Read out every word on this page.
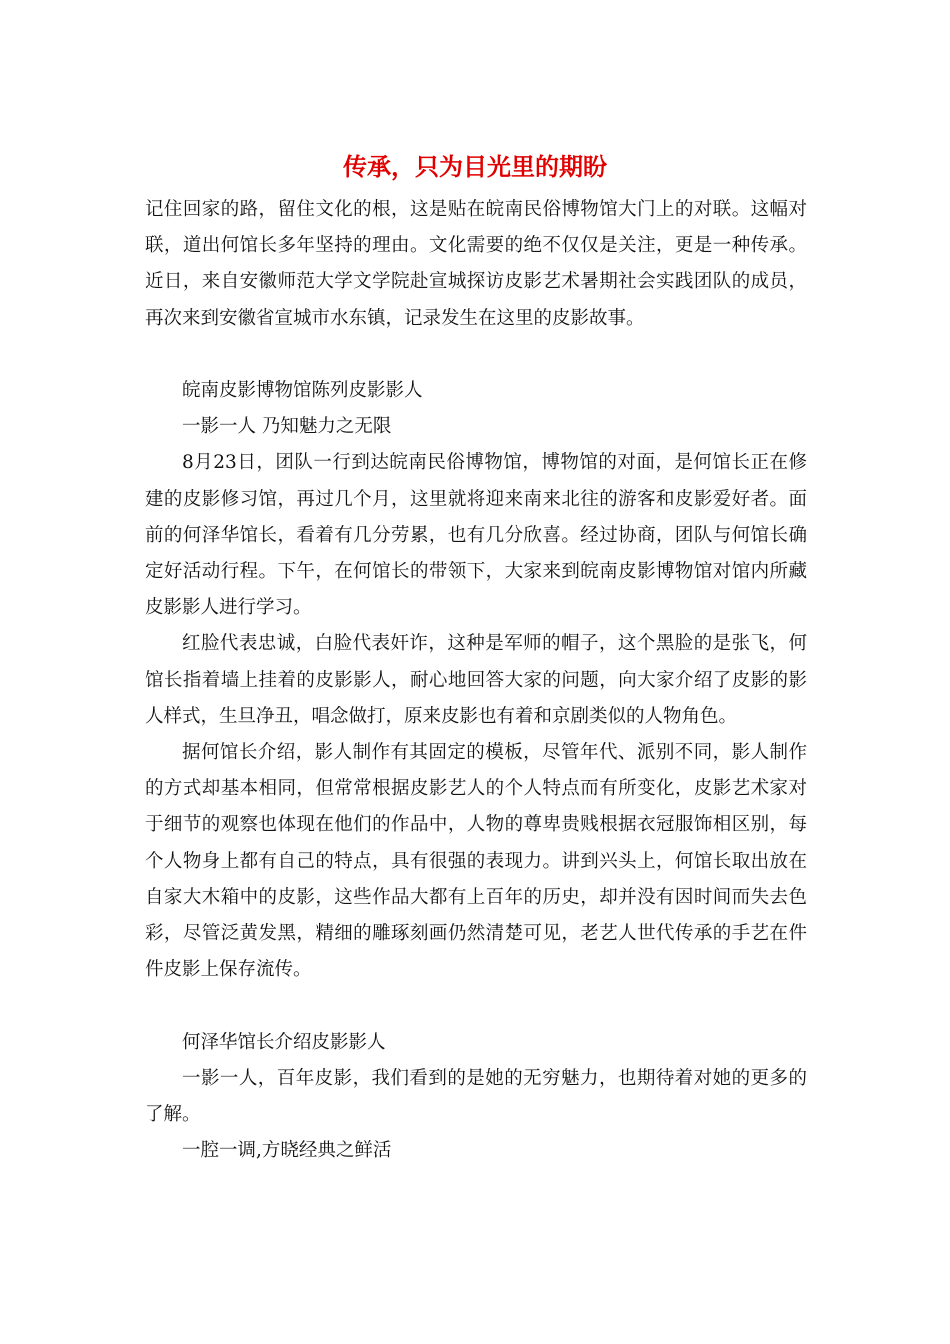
传承，只为目光里的期盼

记住回家的路，留住文化的根，这是贴在皖南民俗博物馆大门上的对联。这幅对联，道出何馆长多年坚持的理由。文化需要的绝不仅仅是关注，更是一种传承。近日，来自安徽师范大学文学院赴宣城探访皮影艺术暑期社会实践团队的成员，再次来到安徽省宣城市水东镇，记录发生在这里的皮影故事。

皖南皮影博物馆陈列皮影影人

一影一人 乃知魅力之无限

8月23日，团队一行到达皖南民俗博物馆，博物馆的对面，是何馆长正在修建的皮影修习馆，再过几个月，这里就将迎来南来北往的游客和皮影爱好者。面前的何泽华馆长，看着有几分劳累，也有几分欣喜。经过协商，团队与何馆长确定好活动行程。下午，在何馆长的带领下，大家来到皖南皮影博物馆对馆内所藏皮影影人进行学习。

红脸代表忠诚，白脸代表奸诈，这种是军师的帽子，这个黑脸的是张飞，何馆长指着墙上挂着的皮影影人，耐心地回答大家的问题，向大家介绍了皮影的影人样式，生旦净丑，唱念做打，原来皮影也有着和京剧类似的人物角色。

据何馆长介绍，影人制作有其固定的模板，尽管年代、派别不同，影人制作的方式却基本相同，但常常根据皮影艺人的个人特点而有所变化，皮影艺术家对于细节的观察也体现在他们的作品中，人物的尊卑贵贱根据衣冠服饰相区别，每个人物身上都有自己的特点，具有很强的表现力。讲到兴头上，何馆长取出放在自家大木箱中的皮影，这些作品大都有上百年的历史，却并没有因时间而失去色彩，尽管泛黄发黑，精细的雕琢刻画仍然清楚可见，老艺人世代传承的手艺在件件皮影上保存流传。

何泽华馆长介绍皮影影人

一影一人，百年皮影，我们看到的是她的无穷魅力，也期待着对她的更多的了解。

一腔一调,方晓经典之鲜活
